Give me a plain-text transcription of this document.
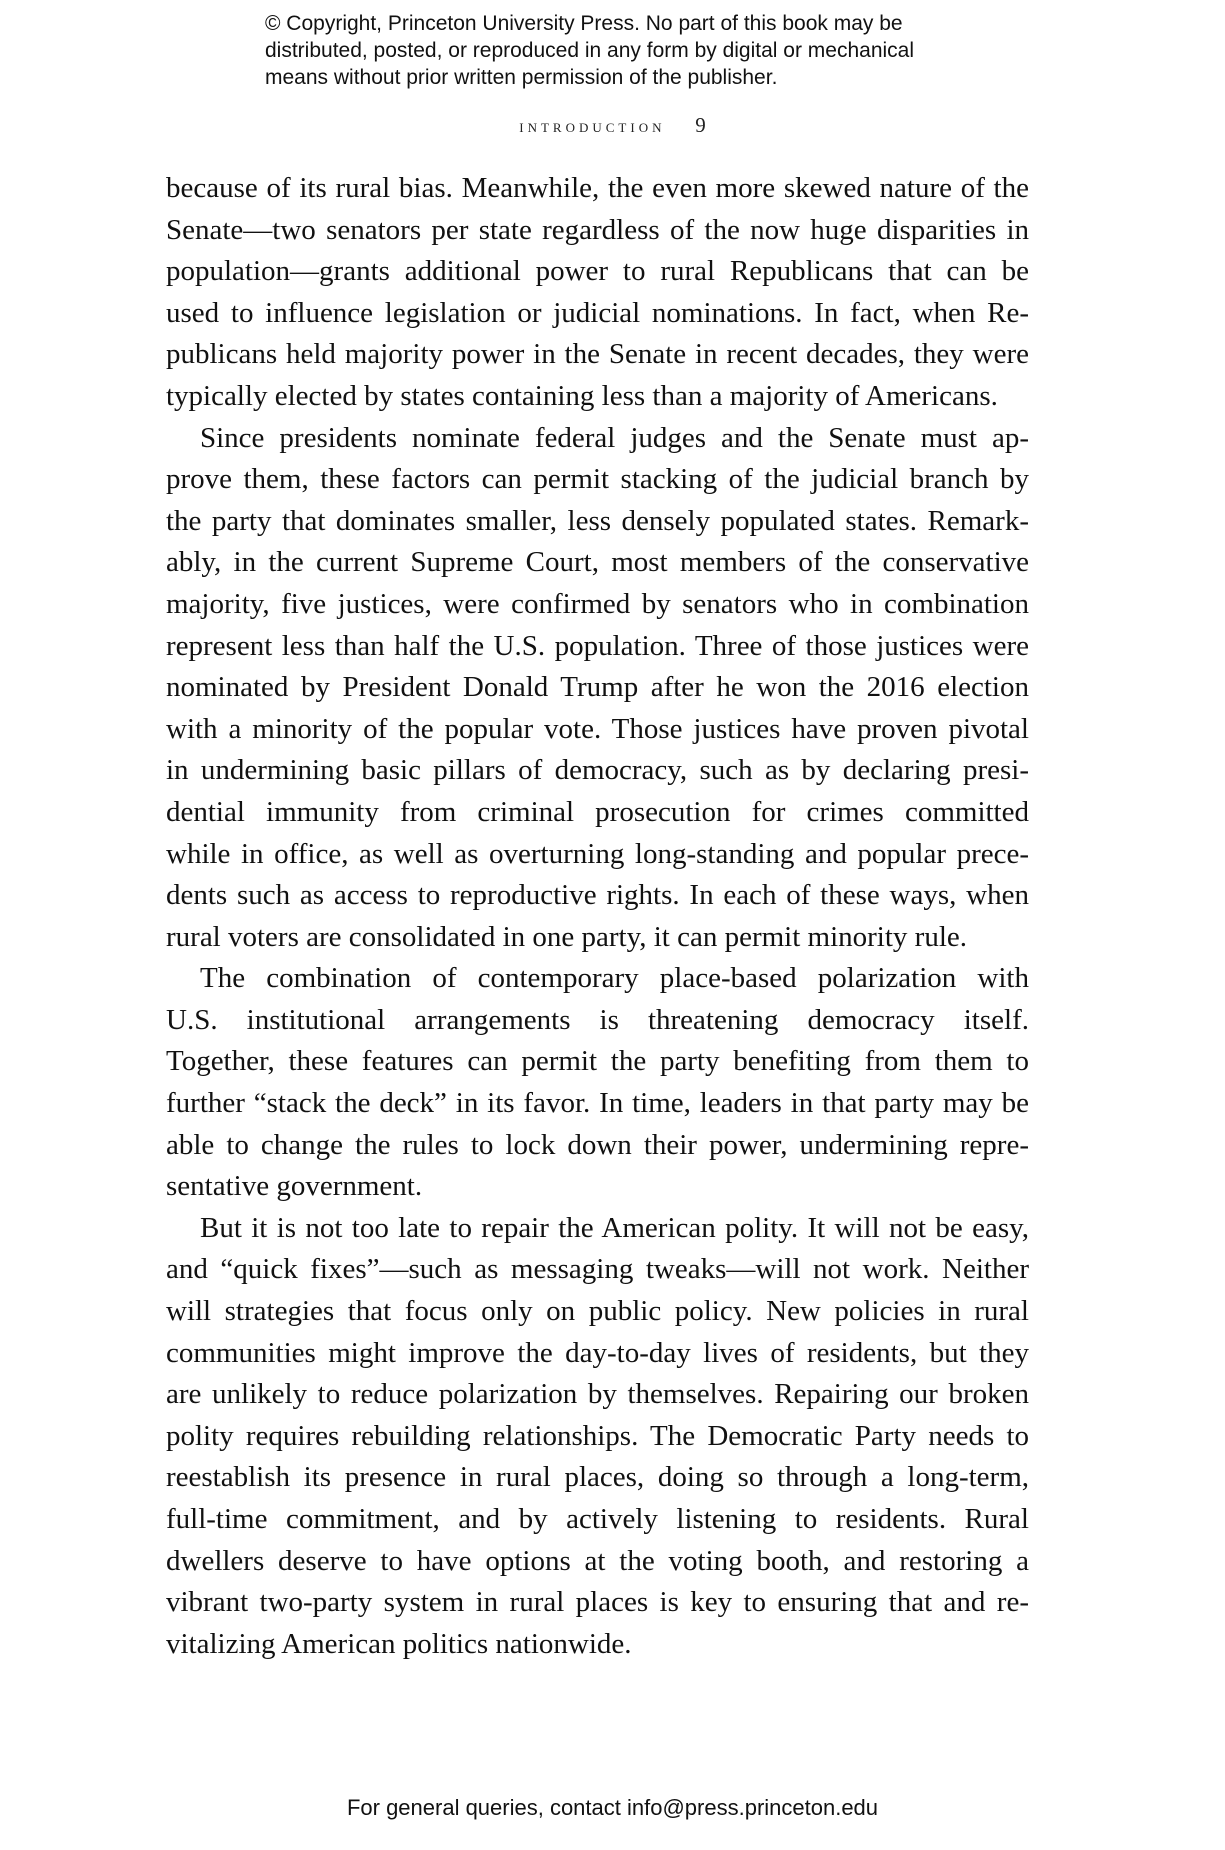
© Copyright, Princeton University Press. No part of this book may be
distributed, posted, or reproduced in any form by digital or mechanical
means without prior written permission of the publisher.
introduction 9
because of its rural bias. Meanwhile, the even more skewed nature of the
Senate—two senators per state regardless of the now huge disparities in
population—grants additional power to rural Republicans that can be
used to influence legislation or judicial nominations. In fact, when Re-
publicans held majority power in the Senate in recent decades, they were
typically elected by states containing less than a majority of Americans.
Since presidents nominate federal judges and the Senate must ap-
prove them, these factors can permit stacking of the judicial branch by
the party that dominates smaller, less densely populated states. Remark-
ably, in the current Supreme Court, most members of the conservative
majority, five justices, were confirmed by senators who in combination
represent less than half the U.S. population. Three of those justices were
nominated by President Donald Trump after he won the 2016 election
with a minority of the popular vote. Those justices have proven pivotal
in undermining basic pillars of democracy, such as by declaring presi-
dential immunity from criminal prosecution for crimes committed
while in office, as well as overturning long-standing and popular prece-
dents such as access to reproductive rights. In each of these ways, when
rural voters are consolidated in one party, it can permit minority rule.
The combination of contemporary place-based polarization with
U.S. institutional arrangements is threatening democracy itself.
Together, these features can permit the party benefiting from them to
further “stack the deck” in its favor. In time, leaders in that party may be
able to change the rules to lock down their power, undermining repre-
sentative government.
But it is not too late to repair the American polity. It will not be easy,
and “quick fixes”—such as messaging tweaks—will not work. Neither
will strategies that focus only on public policy. New policies in rural
communities might improve the day-to-day lives of residents, but they
are unlikely to reduce polarization by themselves. Repairing our broken
polity requires rebuilding relationships. The Democratic Party needs to
reestablish its presence in rural places, doing so through a long-term,
full-time commitment, and by actively listening to residents. Rural
dwellers deserve to have options at the voting booth, and restoring a
vibrant two-party system in rural places is key to ensuring that and re-
vitalizing American politics nationwide.
For general queries, contact info@press.princeton.edu
